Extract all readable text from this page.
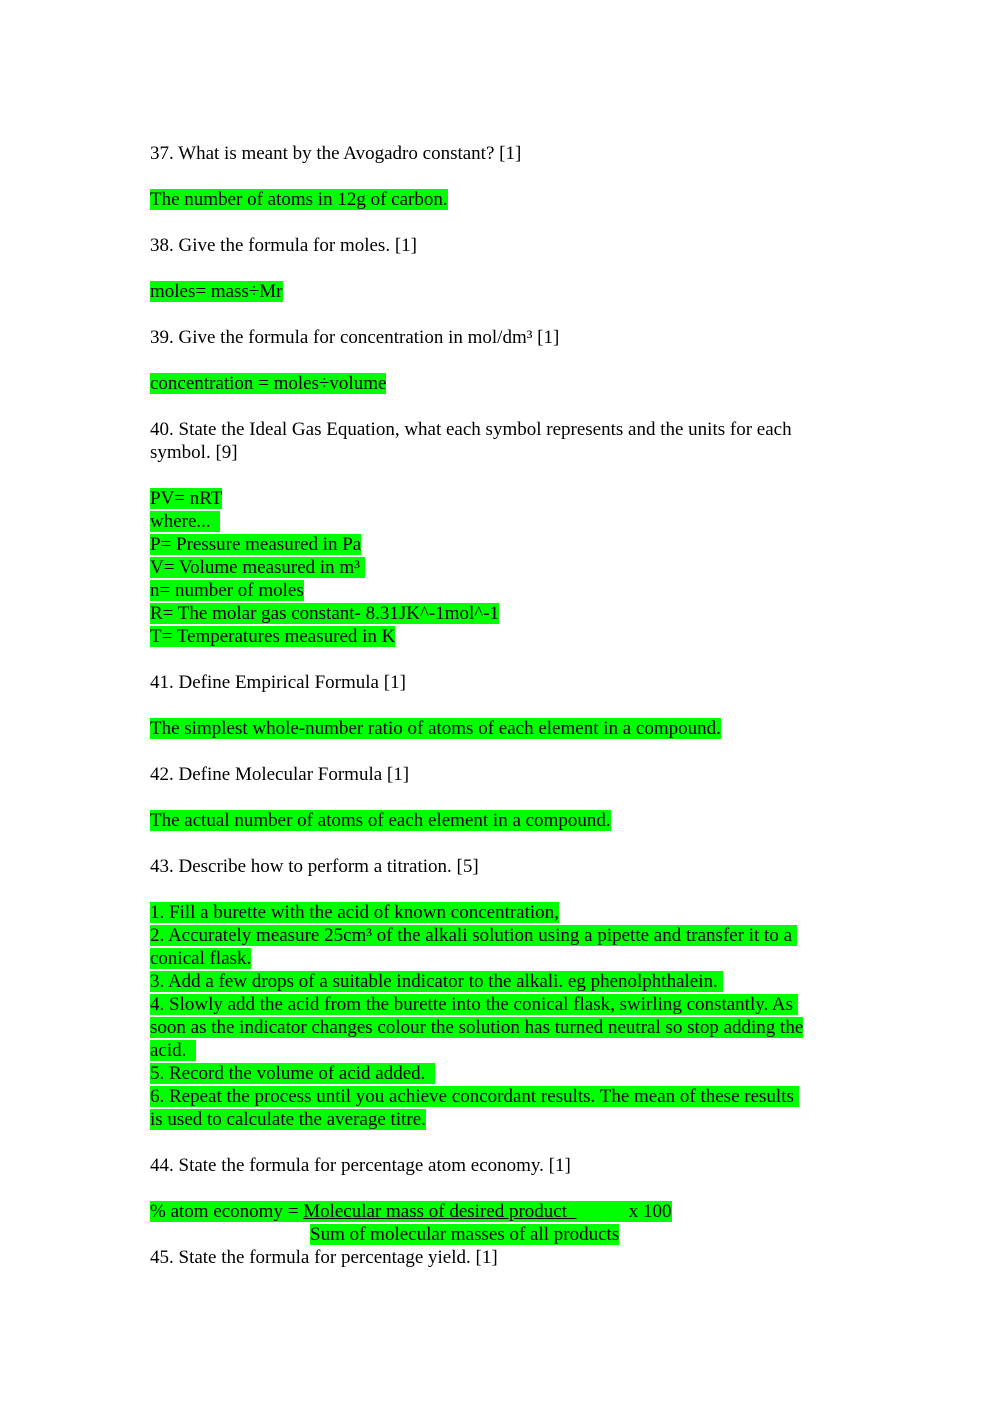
37. What is meant by the Avogadro constant? [1]
The number of atoms in 12g of carbon.
38. Give the formula for moles. [1]
moles= mass÷Mr
39. Give the formula for concentration in mol/dm³ [1]
concentration = moles÷volume
40. State the Ideal Gas Equation, what each symbol represents and the units for each
symbol. [9]
PV= nRT
where...
P= Pressure measured in Pa
V= Volume measured in m³
n= number of moles
R= The molar gas constant- 8.31JK^-1mol^-1
T= Temperatures measured in K
41. Define Empirical Formula [1]
The simplest whole-number ratio of atoms of each element in a compound.
42. Define Molecular Formula [1]
The actual number of atoms of each element in a compound.
43. Describe how to perform a titration. [5]
1. Fill a burette with the acid of known concentration,
2. Accurately measure 25cm³ of the alkali solution using a pipette and transfer it to a
conical flask.
3. Add a few drops of a suitable indicator to the alkali. eg phenolphthalein.
4. Slowly add the acid from the burette into the conical flask, swirling constantly. As
soon as the indicator changes colour the solution has turned neutral so stop adding the
acid.
5. Record the volume of acid added.
6. Repeat the process until you achieve concordant results. The mean of these results
is used to calculate the average titre.
44. State the formula for percentage atom economy. [1]
% atom economy = Molecular mass of desired product             x 100
Sum of molecular masses of all products
45. State the formula for percentage yield. [1]
